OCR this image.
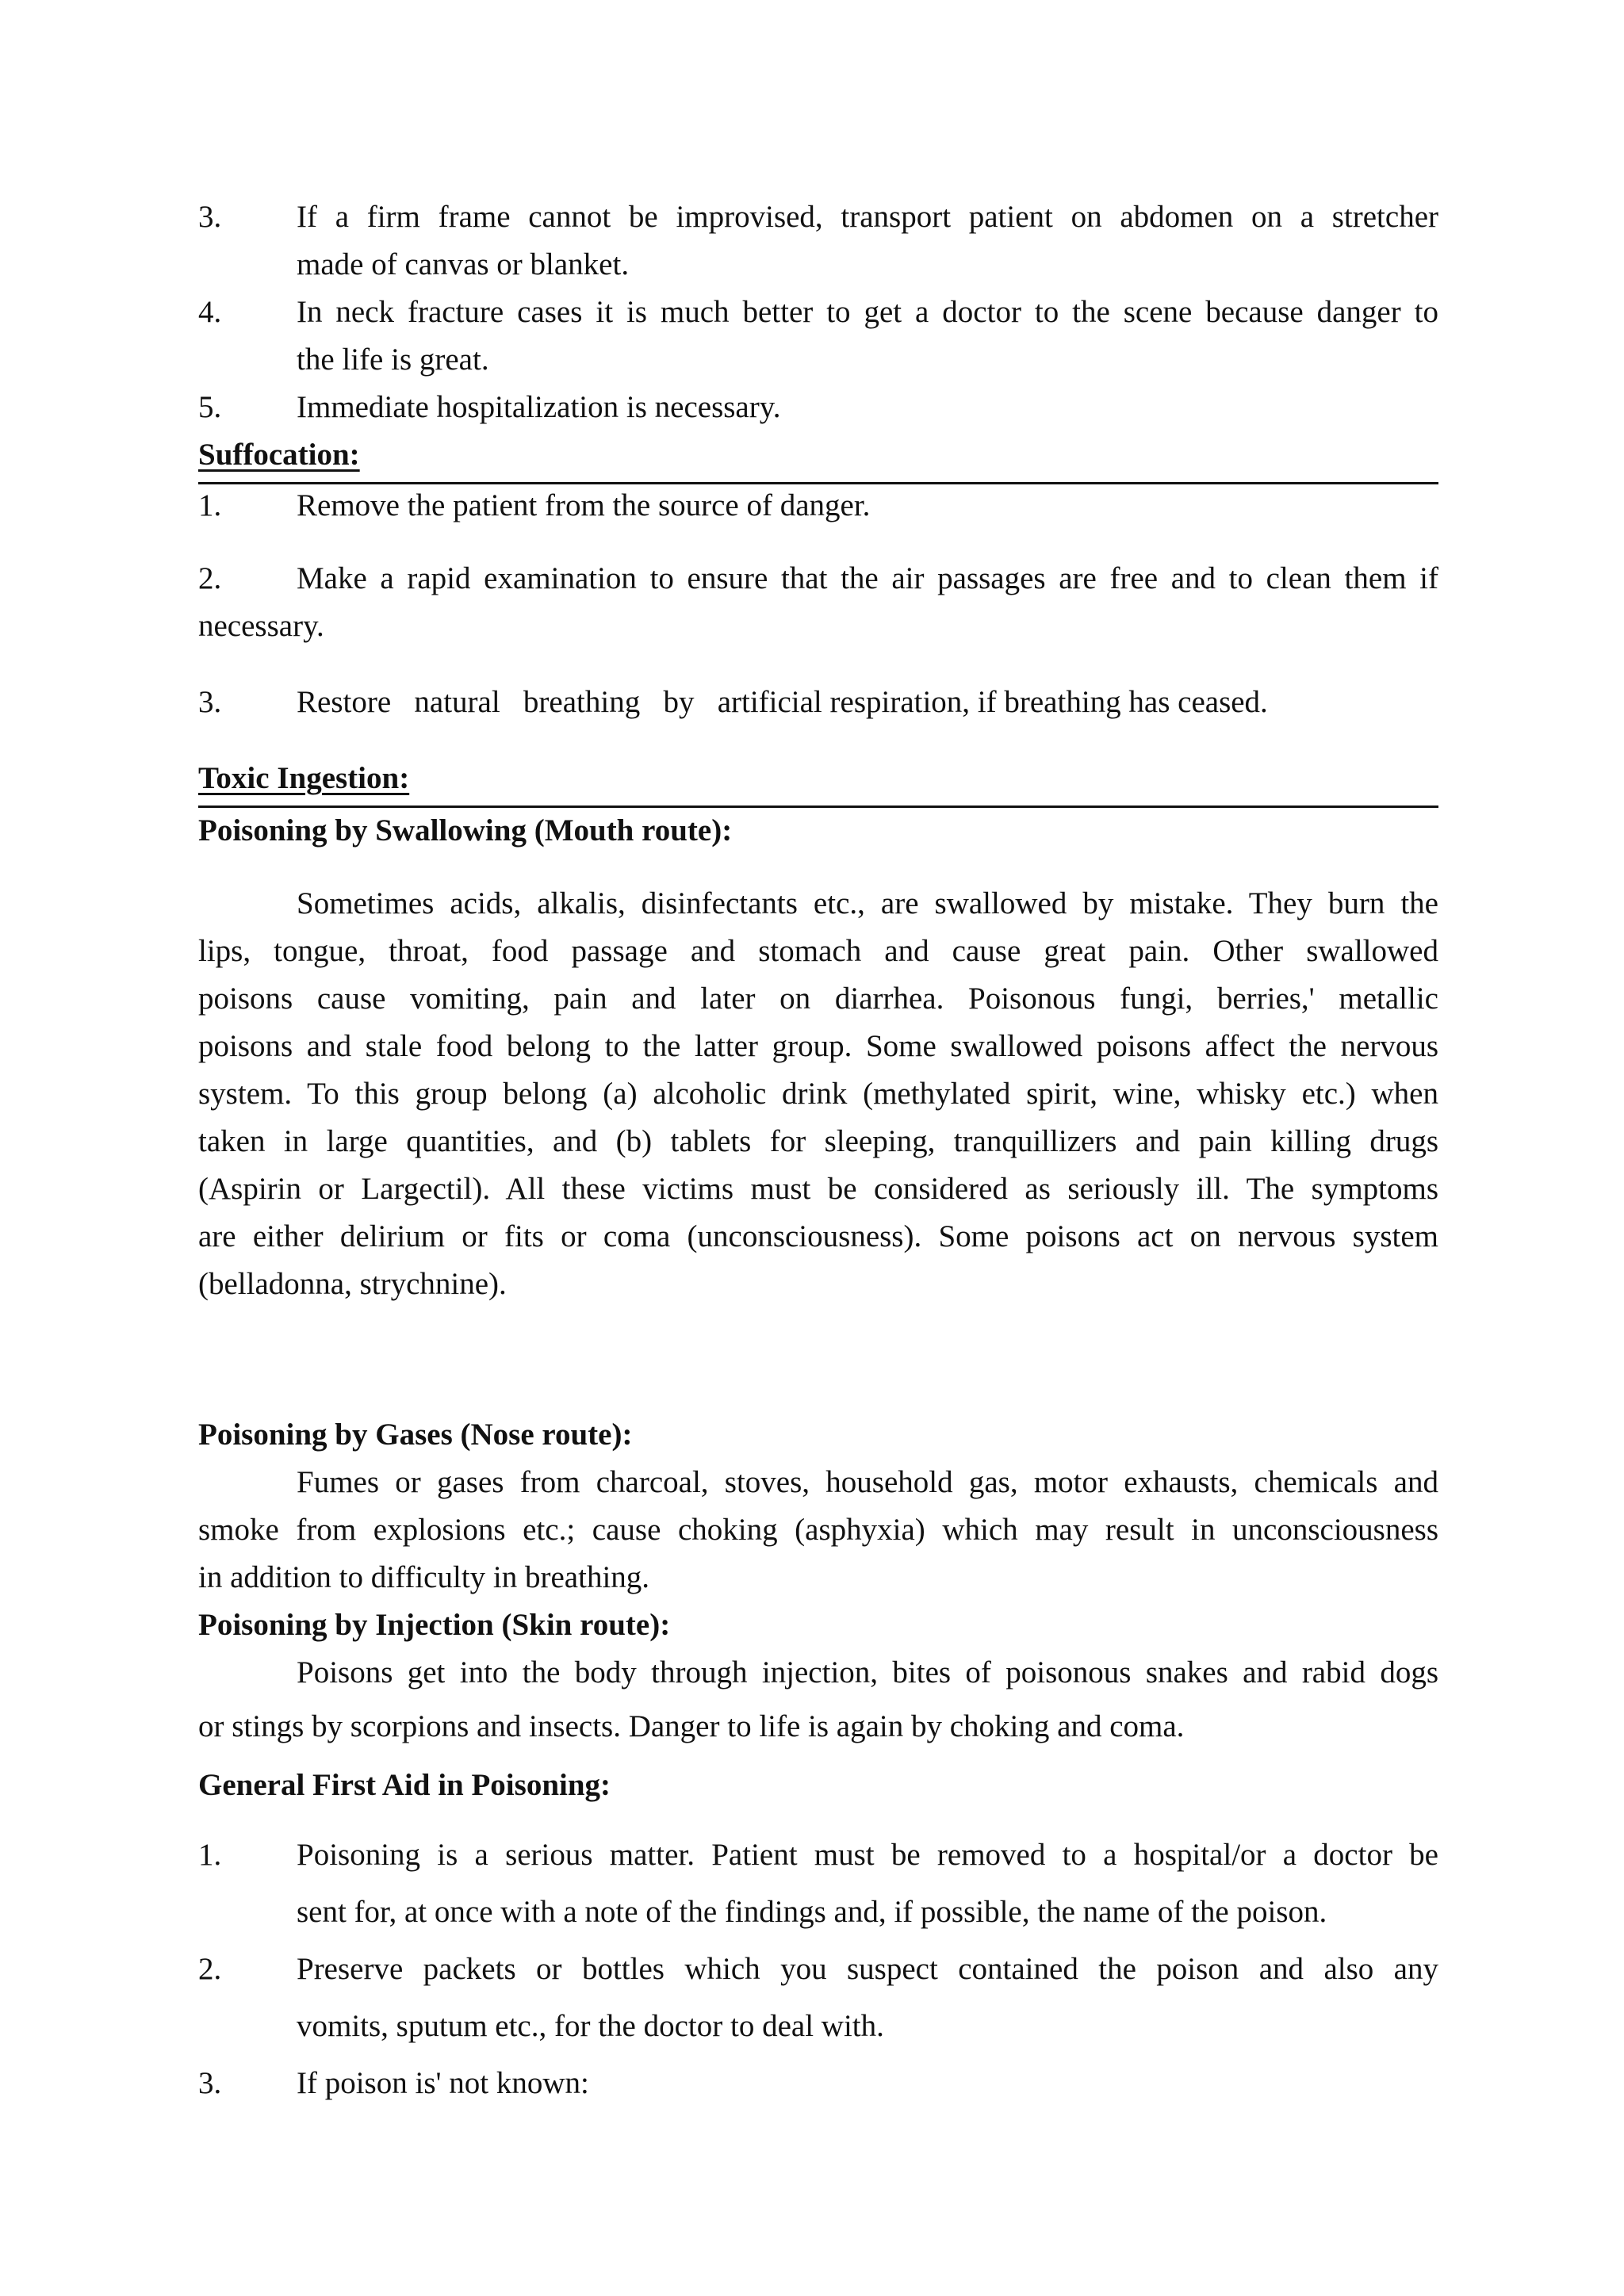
3. If a firm frame cannot be improvised, transport patient on abdomen on a stretcher

made of canvas or blanket.

4. In neck fracture cases it is much better to get a doctor to the scene because danger to

the life is great.

5. Immediate hospitalization is necessary.

Suffocation:

1. Remove the patient from the source of danger.

2. Make a rapid examination to ensure that the air passages are free and to clean them if

necessary.

3. Restore   natural   breathing   by   artificial respiration, if breathing has ceased.

Toxic Ingestion:

Poisoning by Swallowing (Mouth route):

Sometimes acids, alkalis, disinfectants etc., are swallowed by mistake. They burn the

lips, tongue, throat, food passage and stomach and cause great pain. Other swallowed

poisons cause vomiting, pain and later on diarrhea. Poisonous fungi, berries,' metallic

poisons and stale food belong to the latter group. Some swallowed poisons affect the nervous

system. To this group belong (a) alcoholic drink (methylated spirit, wine, whisky etc.) when

taken in large quantities, and (b) tablets for sleeping, tranquillizers and pain killing drugs

(Aspirin or Largectil). All these victims must be considered as seriously ill. The symptoms

are either delirium or fits or coma (unconsciousness). Some poisons act on nervous system

(belladonna, strychnine).

Poisoning by Gases (Nose route):

Fumes or gases from charcoal, stoves, household gas, motor exhausts, chemicals and

smoke from explosions etc.; cause choking (asphyxia) which may result in unconsciousness

in addition to difficulty in breathing.

Poisoning by Injection (Skin route):

Poisons get into the body through injection, bites of poisonous snakes and rabid dogs

or stings by scorpions and insects. Danger to life is again by choking and coma.

General First Aid in Poisoning:

1. Poisoning is a serious matter. Patient must be removed to a hospital/or a doctor be

sent for, at once with a note of the findings and, if possible, the name of the poison.

2. Preserve packets or bottles which you suspect contained the poison and also any

vomits, sputum etc., for the doctor to deal with.

3. If poison is' not known:
